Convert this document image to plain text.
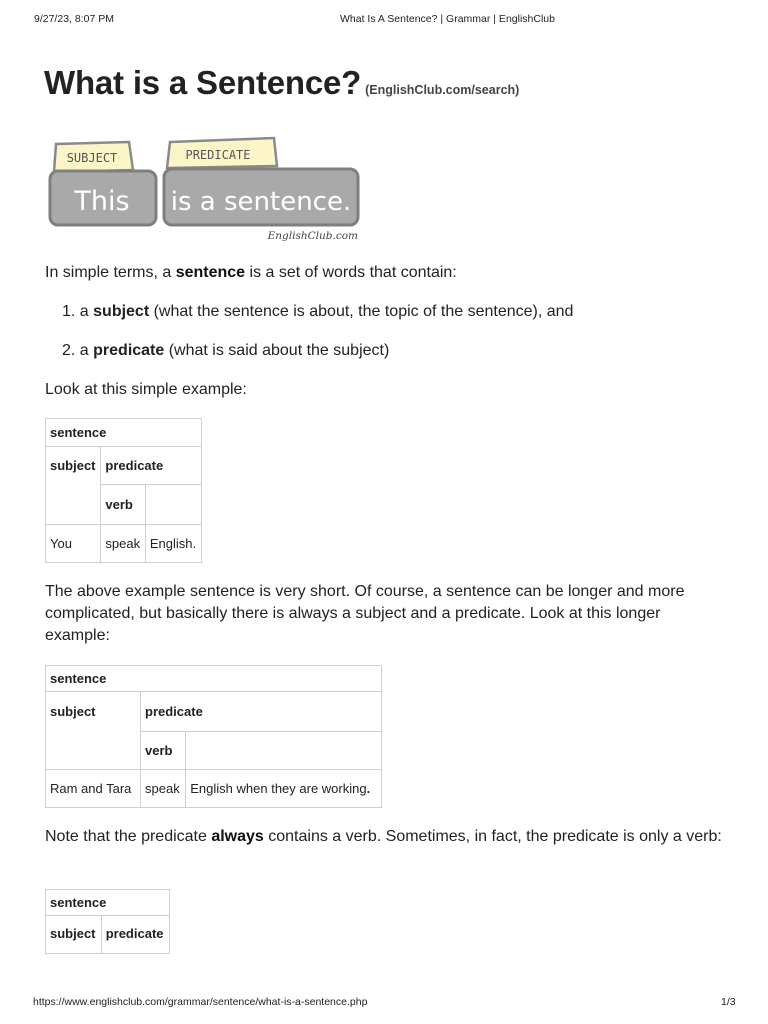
9/27/23, 8:07 PM	What Is A Sentence? | Grammar | EnglishClub
What is a Sentence? (EnglishClub.com/search)
SUBJECT	PREDICATE
This is a sentence.
EnglishClub.com

In simple terms, a sentence is a set of words that contain:

1. a subject (what the sentence is about, the topic of the sentence), and
2. a predicate (what is said about the subject)

Look at this simple example:

sentence		
subject	predicate	
	verb	
You	speak	English.

The above example sentence is very short. Of course, a sentence can be longer and more complicated, but basically there is always a subject and a predicate. Look at this longer example:

sentence		
subject	predicate	
	verb	
Ram and Tara	speak	English when they are working.

Note that the predicate always contains a verb. Sometimes, in fact, the predicate is only a verb:

sentence
subject	predicate
https://www.englishclub.com/grammar/sentence/what-is-a-sentence.php	1/3
